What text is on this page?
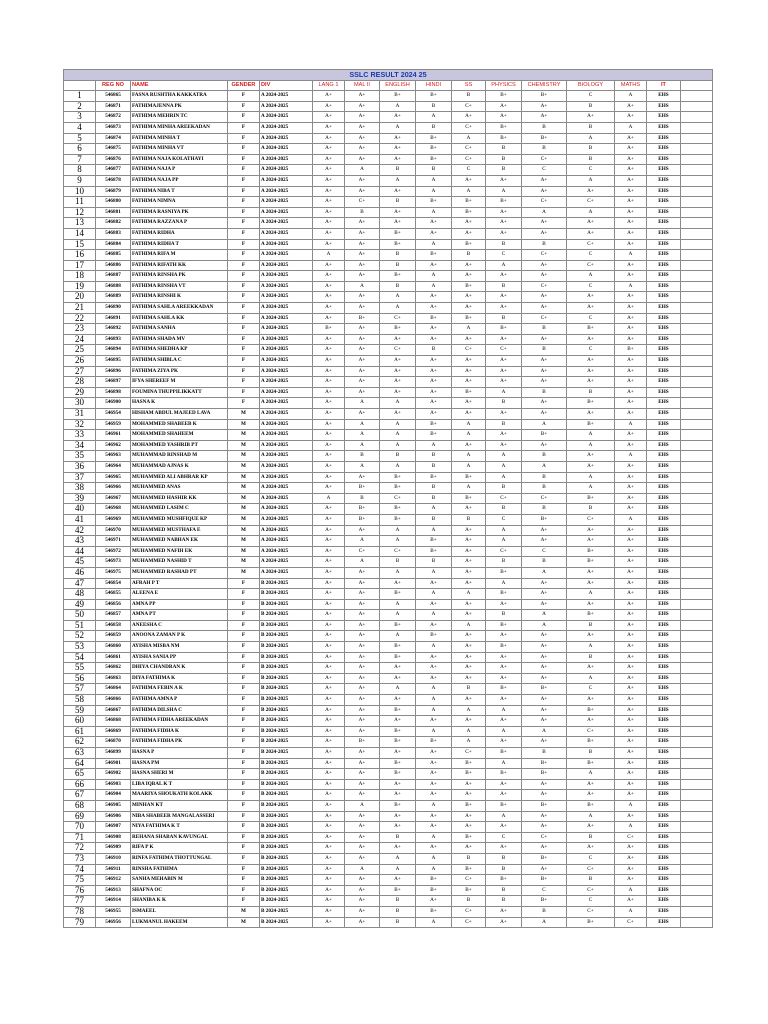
SSLC RESULT 2024 25															
	REG NO	NAME	GENDER	DIV	LANG 1	MAL II	ENGLISH	HINDI	SS	PHYSICS	CHEMISTRY	BIOLOGY	MATHS	IT	
1	546865	FASNA RUSHTHA KAKKATRA	F	A 2024-2025	A+	A+	B+	B+	B	B+	B+	C	A	EHS	
2	546871	FATHIMAJENNA PK	F	A 2024-2025	A+	A+	A	B	C+	A+	A+	B	A+	EHS	
3	546872	FATHIMA MEHRIN TC	F	A 2024-2025	A+	A+	A+	A	A+	A+	A+	A+	A+	EHS	
4	546873	FATHIMA MINHA AREEKADAN	F	A 2024-2025	A+	A+	A	B	C+	B+	B	B	A	EHS	
5	546874	FATHIMA MINHA T	F	A 2024-2025	A+	A+	A+	B+	A	B+	B+	A	A+	EHS	
6	546875	FATHIMA MINHA VT	F	A 2024-2025	A+	A+	A+	B+	C+	B	B	B	A+	EHS	
7	546876	FATHIMA NAJA KOLATHAYI	F	A 2024-2025	A+	A+	A+	B+	C+	B	C+	B	A+	EHS	
8	546877	FATHIMA NAJA P	F	A 2024-2025	A+	A	B	B	C	B	C	C	A+	EHS	
9	546878	FATHIMA NAJA PP	F	A 2024-2025	A+	A+	A	A	A+	A+	A+	A	A+	EHS	
10	546879	FATHIMA NIBA T	F	A 2024-2025	A+	A+	A+	A	A	A	A+	A+	A+	EHS	
11	546880	FATHIMA NIMNA	F	A 2024-2025	A+	C+	B	B+	B+	B+	C+	C+	A+	EHS	
12	546881	FATHIMA RASNIYA PK	F	A 2024-2025	A+	B	A+	A	B+	A+	A	A	A+	EHS	
13	546882	FATHIMA RAZZANA P	F	A 2024-2025	A+	A+	A+	A+	A+	A+	A+	A+	A+	EHS	
14	546883	FATHIMA RIDHA	F	A 2024-2025	A+	A+	B+	A+	A+	A+	A+	A+	A+	EHS	
15	546884	FATHIMA RIDHA T	F	A 2024-2025	A+	A+	B+	A	B+	B	B	C+	A+	EHS	
16	546885	FATHIMA RIFA M	F	A 2024-2025	A	A+	B	B+	B	C	C+	C	A	EHS	
17	546886	FATHIMA RIFATH KK	F	A 2024-2025	A+	A+	B	A+	A+	A	A+	C+	A+	EHS	
18	546887	FATHIMA RINSHA PK	F	A 2024-2025	A+	A+	B+	A	A+	A+	A+	A	A+	EHS	
19	546888	FATHIMA RINSHA VT	F	A 2024-2025	A+	A	B	A	B+	B	C+	C	A	EHS	
20	546889	FATHIMA RINSHI K	F	A 2024-2025	A+	A+	A	A+	A+	A+	A+	A+	A+	EHS	
21	546890	FATHIMA SAHLA AREEKKADAN	F	A 2024-2025	A+	A+	A	A+	A+	A+	A+	A+	A+	EHS	
22	546891	FATHIMA SAHLA KK	F	A 2024-2025	A+	B+	C+	B+	B+	B	C+	C	A+	EHS	
23	546892	FATHIMA SANHA	F	A 2024-2025	B+	A+	B+	A+	A	B+	B	B+	A+	EHS	
24	546893	FATHIMA SHADA MV	F	A 2024-2025	A+	A+	A+	A+	A+	A+	A+	A+	A+	EHS	
25	546894	FATHIMA SHEDHA KP	F	A 2024-2025	A+	A+	C+	B	C+	C+	B	C	B+	EHS	
26	546895	FATHIMA SHIBLA C	F	A 2024-2025	A+	A+	A+	A+	A+	A+	A+	A+	A+	EHS	
27	546896	FATHIMA ZIYA PK	F	A 2024-2025	A+	A+	A+	A+	A+	A+	A+	A+	A+	EHS	
28	546897	IFYA SHEREEF M	F	A 2024-2025	A+	A+	A+	A+	A+	A+	A+	A+	A+	EHS	
29	546898	FOUMINA THUPPILIKKATT	F	A 2024-2025	A+	A+	A+	A+	B+	A	B	B	A+	EHS	
30	546900	HASNA K	F	A 2024-2025	A+	A	A	A+	A+	B	A+	B+	A+	EHS	
31	546954	HISHAM ABDUL MAJEED LAVA	M	A 2024-2025	A+	A+	A+	A+	A+	A+	A+	A+	A+	EHS	
32	546959	MOHAMMED SHABEEB K	M	A 2024-2025	A+	A	A	B+	A	B	A	B+	A	EHS	
33	546961	MOHAMMED SHAHEEM	M	A 2024-2025	A+	A	A	B+	A	A+	B+	A	A+	EHS	
34	546962	MOHAMMED YASHRIB PT	M	A 2024-2025	A+	A	A	A	A+	A+	A+	A	A+	EHS	
35	546963	MUHAMMAD RINSHAD M	M	A 2024-2025	A+	B	B	B	A	A	B	A+	A	EHS	
36	546964	MUHAMMAD AJNAS K	M	A 2024-2025	A+	A	A	B	A	A	A	A+	A+	EHS	
37	546965	MUHAMMED ALI ABHRAR KP	M	A 2024-2025	A+	A+	B+	B+	B+	A	B	A	A+	EHS	
38	546966	MUHAMMED ANAS	M	A 2024-2025	A+	B+	B+	B	A	B	B	A	A+	EHS	
39	546967	MUHAMMED HASHIR KK	M	A 2024-2025	A	B	C+	B	B+	C+	C+	B+	A+	EHS	
40	546968	MUHAMMED LASIM C	M	A 2024-2025	A+	B+	B+	A	A+	B	B	B	A+	EHS	
41	546969	MUHAMMED MUSHFIQUE KP	M	A 2024-2025	A+	B+	B+	B	B	C	B+	C+	A	EHS	
42	546970	MUHAMMED MUSTHAFA E	M	A 2024-2025	A+	A+	A	A	A+	A	A+	A+	A+	EHS	
43	546971	MUHAMMED NABHAN EK	M	A 2024-2025	A+	A	A	B+	A+	A	A+	A+	A+	EHS	
44	546972	MUHAMMED NAFIH EK	M	A 2024-2025	A+	C+	C+	B+	A+	C+	C	B+	A+	EHS	
45	546973	MUHAMMED NASHID T	M	A 2024-2025	A+	A	B	B	A+	B	B	B+	A+	EHS	
46	546975	MUHAMMED RASHAD PT	M	A 2024-2025	A+	A+	A	A	A+	B+	A	A+	A+	EHS	
47	546854	AFRAH P T	F	B 2024-2025	A+	A+	A+	A+	A+	A	A+	A+	A+	EHS	
48	546855	ALEENA E	F	B 2024-2025	A+	A+	B+	A	A	B+	A+	A	A+	EHS	
49	546856	AMNA PP	F	B 2024-2025	A+	A+	A	A+	A+	A+	A+	A+	A+	EHS	
50	546857	AMNA PT	F	B 2024-2025	A+	A+	A	A	A+	B	A	B+	A+	EHS	
51	546858	ANEESHA C	F	B 2024-2025	A+	A+	B+	A+	A	B+	A	B	A+	EHS	
52	546859	ANOONA ZAMAN P K	F	B 2024-2025	A+	A+	A	B+	A+	A+	A+	A+	A+	EHS	
53	546860	AYISHA MISBA NM	F	B 2024-2025	A+	A+	B+	A	A+	B+	A+	A	A+	EHS	
54	546861	AYISHA SANIA PP	F	B 2024-2025	A+	A+	B+	A+	A+	A+	A+	B	A+	EHS	
55	546862	DHIYA CHANDRAN K	F	B 2024-2025	A+	A+	A+	A+	A+	A+	A+	A+	A+	EHS	
56	546863	DIYA FATHIMA K	F	B 2024-2025	A+	A+	A+	A+	A+	A+	A+	A	A+	EHS	
57	546864	FATHIMA FEBIN A K	F	B 2024-2025	A+	A+	A	A	B	B+	B+	C	A+	EHS	
58	546866	FATHIMA AMNA P	F	B 2024-2025	A+	A+	A+	A	A+	A+	A+	A+	A+	EHS	
59	546867	FATHIMA DILSHA C	F	B 2024-2025	A+	A+	B+	A	A	A	A+	B+	A+	EHS	
60	546868	FATHIMA FIDHA AREEKADAN	F	B 2024-2025	A+	A+	A+	A+	A+	A+	A+	A+	A+	EHS	
61	546869	FATHIMA FIDHA K	F	B 2024-2025	A+	A+	B+	A	A	A	A	C+	A+	EHS	
62	546870	FATHIMA FIDHA PK	F	B 2024-2025	A+	B+	B+	B+	A	A+	A+	B+	A+	EHS	
63	546899	HASNA P	F	B 2024-2025	A+	A+	A+	A+	C+	B+	B	B	A+	EHS	
64	546901	HASNA PM	F	B 2024-2025	A+	A+	B+	A+	B+	A	B+	B+	A+	EHS	
65	546902	HASNA SHERI M	F	B 2024-2025	A+	A+	B+	A+	B+	B+	B+	A	A+	EHS	
66	546903	LIBA IQBAL K T	F	B 2024-2025	A+	A+	A+	A+	A+	A+	A+	A+	A+	EHS	
67	546904	MAARIYA SHOUKATH KOLAKK	F	B 2024-2025	A+	A+	A+	A+	A+	A+	A+	A+	A+	EHS	
68	546905	MINHAN KT	F	B 2024-2025	A+	A	B+	A	B+	B+	B+	B+	A	EHS	
69	546906	NIBA SHABEER MANGALASSERI	F	B 2024-2025	A+	A+	A+	A+	A+	A	A+	A	A+	EHS	
70	546907	NIYA FATHIMA K T	F	B 2024-2025	A+	A+	A+	A+	A+	A+	A+	A+	A	EHS	
71	546908	REHANA SHABAN KAVUNGAL	F	B 2024-2025	A+	A+	B	A	B+	C	C+	B	C+	EHS	
72	546909	RIFA P K	F	B 2024-2025	A+	A+	A+	A+	A+	A+	A+	A+	A+	EHS	
73	546910	RINFA FATHIMA THOTTUNGAL	F	B 2024-2025	A+	A+	A	A	B	B	B+	C	A+	EHS	
74	546911	RINSHA FATHIMA	F	B 2024-2025	A+	A	A	A	B+	B	A+	C+	A+	EHS	
75	546912	SANHA MEHABIN M	F	B 2024-2025	A+	A+	A+	B+	C+	B+	B+	B	A+	EHS	
76	546913	SHAFNA OC	F	B 2024-2025	A+	A+	B+	B+	B+	B	C	C+	A	EHS	
77	546914	SHANIBA K K	F	B 2024-2025	A+	A+	B	A+	B	B	B+	C	A+	EHS	
78	546955	ISMAEEL	M	B 2024-2025	A+	A+	B	B+	C+	A+	B	C+	A	EHS	
79	546956	LUKMANUL HAKEEM	M	B 2024-2025	A+	A+	B	A	C+	A+	A	B+	C+	EHS	
